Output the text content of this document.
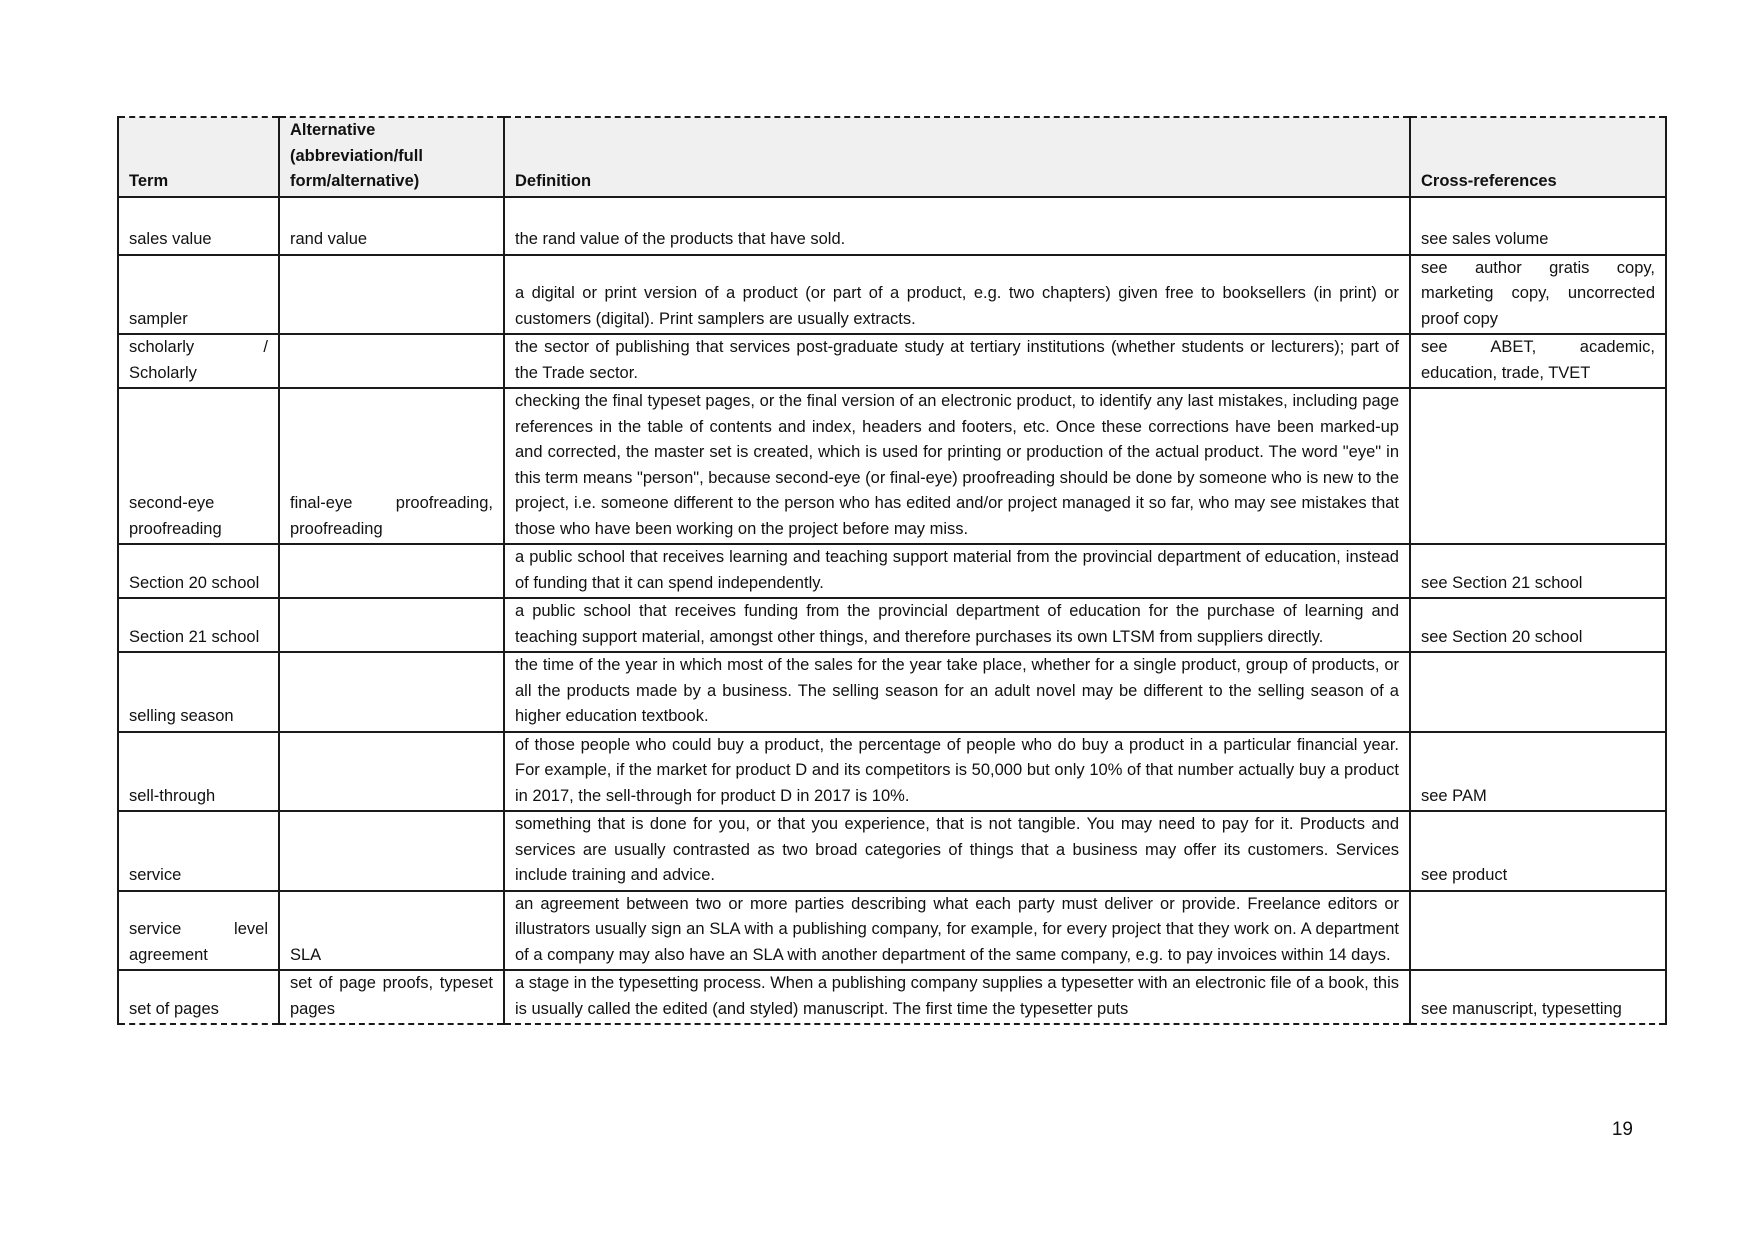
Term	Alternative (abbreviation/full form/alternative)	Definition	Cross-references
sales value	rand value	the rand value of the products that have sold.	see sales volume
sampler		a digital or print version of a product (or part of a product, e.g. two chapters) given free to booksellers (in print) or customers (digital). Print samplers are usually extracts.	see author gratis copy, marketing copy, uncorrected proof copy
scholarly / Scholarly		the sector of publishing that services post-graduate study at tertiary institutions (whether students or lecturers); part of the Trade sector.	see ABET, academic, education, trade, TVET
second-eye proofreading	final-eye proofreading, proofreading	checking the final typeset pages, or the final version of an electronic product, to identify any last mistakes, including page references in the table of contents and index, headers and footers, etc. Once these corrections have been marked-up and corrected, the master set is created, which is used for printing or production of the actual product. The word "eye" in this term means "person", because second-eye (or final-eye) proofreading should be done by someone who is new to the project, i.e. someone different to the person who has edited and/or project managed it so far, who may see mistakes that those who have been working on the project before may miss.	
Section 20 school		a public school that receives learning and teaching support material from the provincial department of education, instead of funding that it can spend independently.	see Section 21 school
Section 21 school		a public school that receives funding from the provincial department of education for the purchase of learning and teaching support material, amongst other things, and therefore purchases its own LTSM from suppliers directly.	see Section 20 school
selling season		the time of the year in which most of the sales for the year take place, whether for a single product, group of products, or all the products made by a business. The selling season for an adult novel may be different to the selling season of a higher education textbook.	
sell-through		of those people who could buy a product, the percentage of people who do buy a product in a particular financial year. For example, if the market for product D and its competitors is 50,000 but only 10% of that number actually buy a product in 2017, the sell-through for product D in 2017 is 10%.	see PAM
service		something that is done for you, or that you experience, that is not tangible. You may need to pay for it. Products and services are usually contrasted as two broad categories of things that a business may offer its customers. Services include training and advice.	see product
service level agreement	SLA	an agreement between two or more parties describing what each party must deliver or provide. Freelance editors or illustrators usually sign an SLA with a publishing company, for example, for every project that they work on. A department of a company may also have an SLA with another department of the same company, e.g. to pay invoices within 14 days.	
set of pages	set of page proofs, typeset pages	a stage in the typesetting process. When a publishing company supplies a typesetter with an electronic file of a book, this is usually called the edited (and styled) manuscript. The first time the typesetter puts	see manuscript, typesetting
19
